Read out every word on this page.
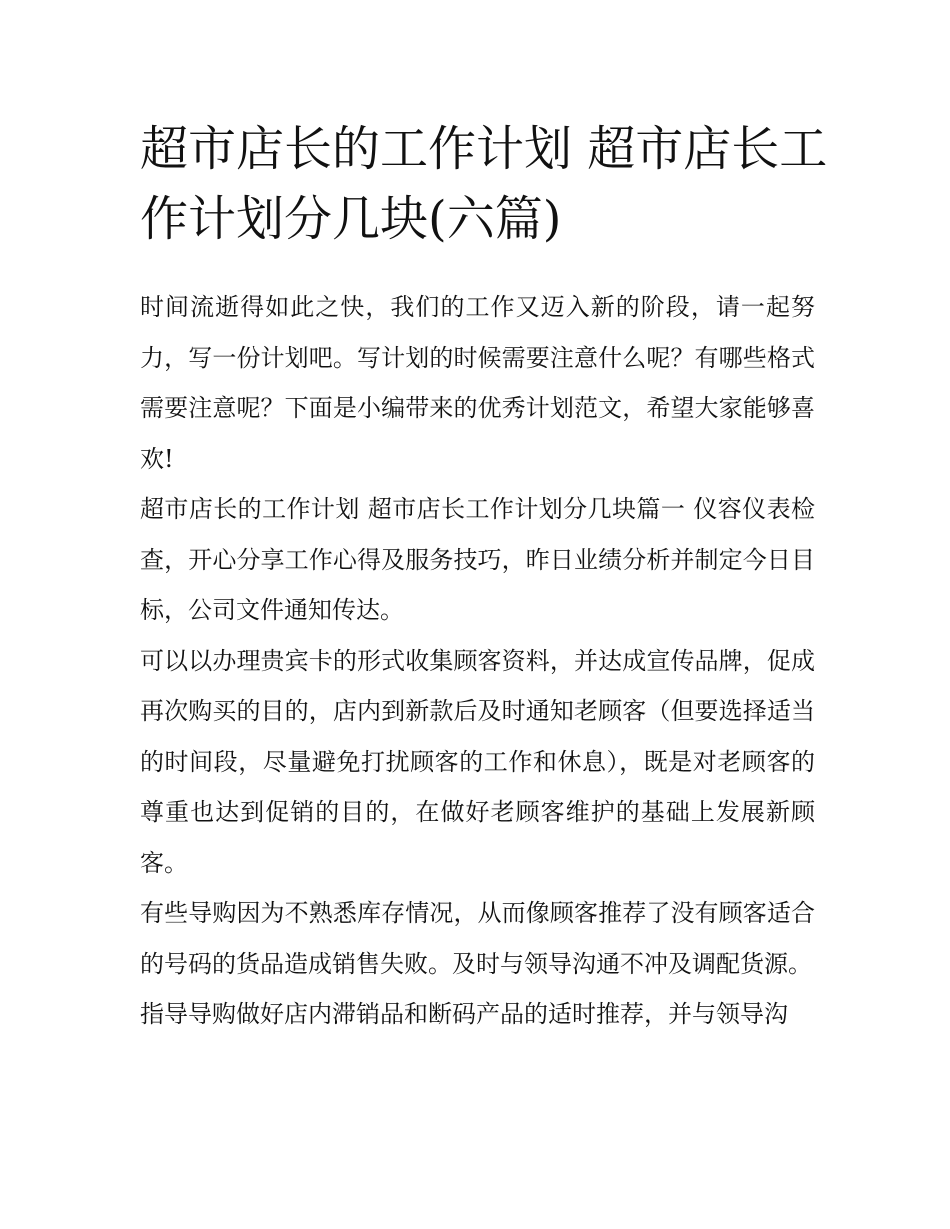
超市店长的工作计划 超市店长工作计划分几块(六篇)

时间流逝得如此之快，我们的工作又迈入新的阶段，请一起努力，写一份计划吧。写计划的时候需要注意什么呢？有哪些格式需要注意呢？下面是小编带来的优秀计划范文，希望大家能够喜欢!

超市店长的工作计划 超市店长工作计划分几块篇一 仪容仪表检查，开心分享工作心得及服务技巧，昨日业绩分析并制定今日目标，公司文件通知传达。

可以以办理贵宾卡的形式收集顾客资料，并达成宣传品牌，促成再次购买的目的，店内到新款后及时通知老顾客（但要选择适当的时间段，尽量避免打扰顾客的工作和休息），既是对老顾客的尊重也达到促销的目的，在做好老顾客维护的基础上发展新顾客。

有些导购因为不熟悉库存情况，从而像顾客推荐了没有顾客适合的号码的货品造成销售失败。及时与领导沟通不冲及调配货源。

指导导购做好店内滞销品和断码产品的适时推荐，并与领导沟
